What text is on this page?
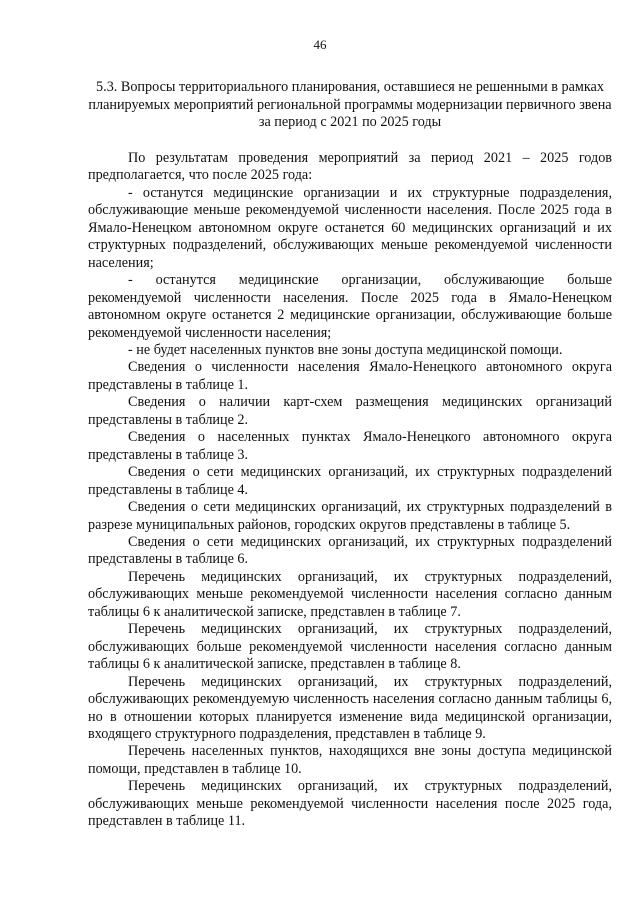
46
5.3. Вопросы территориального планирования, оставшиеся не решенными в рамках планируемых мероприятий региональной программы модернизации первичного звена за период с 2021 по 2025 годы

По результатам проведения мероприятий за период 2021 – 2025 годов предполагается, что после 2025 года:

- останутся медицинские организации и их структурные подразделения, обслуживающие меньше рекомендуемой численности населения. После 2025 года в Ямало-Ненецком автономном округе останется 60 медицинских организаций и их структурных подразделений, обслуживающих меньше рекомендуемой численности населения;

- останутся медицинские организации, обслуживающие больше рекомендуемой численности населения. После 2025 года в Ямало-Ненецком автономном округе останется 2 медицинские организации, обслуживающие больше рекомендуемой численности населения;

- не будет населенных пунктов вне зоны доступа медицинской помощи.

Сведения о численности населения Ямало-Ненецкого автономного округа представлены в таблице 1.

Сведения о наличии карт-схем размещения медицинских организаций представлены в таблице 2.

Сведения о населенных пунктах Ямало-Ненецкого автономного округа представлены в таблице 3.

Сведения о сети медицинских организаций, их структурных подразделений представлены в таблице 4.

Сведения о сети медицинских организаций, их структурных подразделений в разрезе муниципальных районов, городских округов представлены в таблице 5.

Сведения о сети медицинских организаций, их структурных подразделений представлены в таблице 6.

Перечень медицинских организаций, их структурных подразделений, обслуживающих меньше рекомендуемой численности населения согласно данным таблицы 6 к аналитической записке, представлен в таблице 7.

Перечень медицинских организаций, их структурных подразделений, обслуживающих больше рекомендуемой численности населения согласно данным таблицы 6 к аналитической записке, представлен в таблице 8.

Перечень медицинских организаций, их структурных подразделений, обслуживающих рекомендуемую численность населения согласно данным таблицы 6, но в отношении которых планируется изменение вида медицинской организации, входящего структурного подразделения, представлен в таблице 9.

Перечень населенных пунктов, находящихся вне зоны доступа медицинской помощи, представлен в таблице 10.

Перечень медицинских организаций, их структурных подразделений, обслуживающих меньше рекомендуемой численности населения после 2025 года, представлен в таблице 11.
